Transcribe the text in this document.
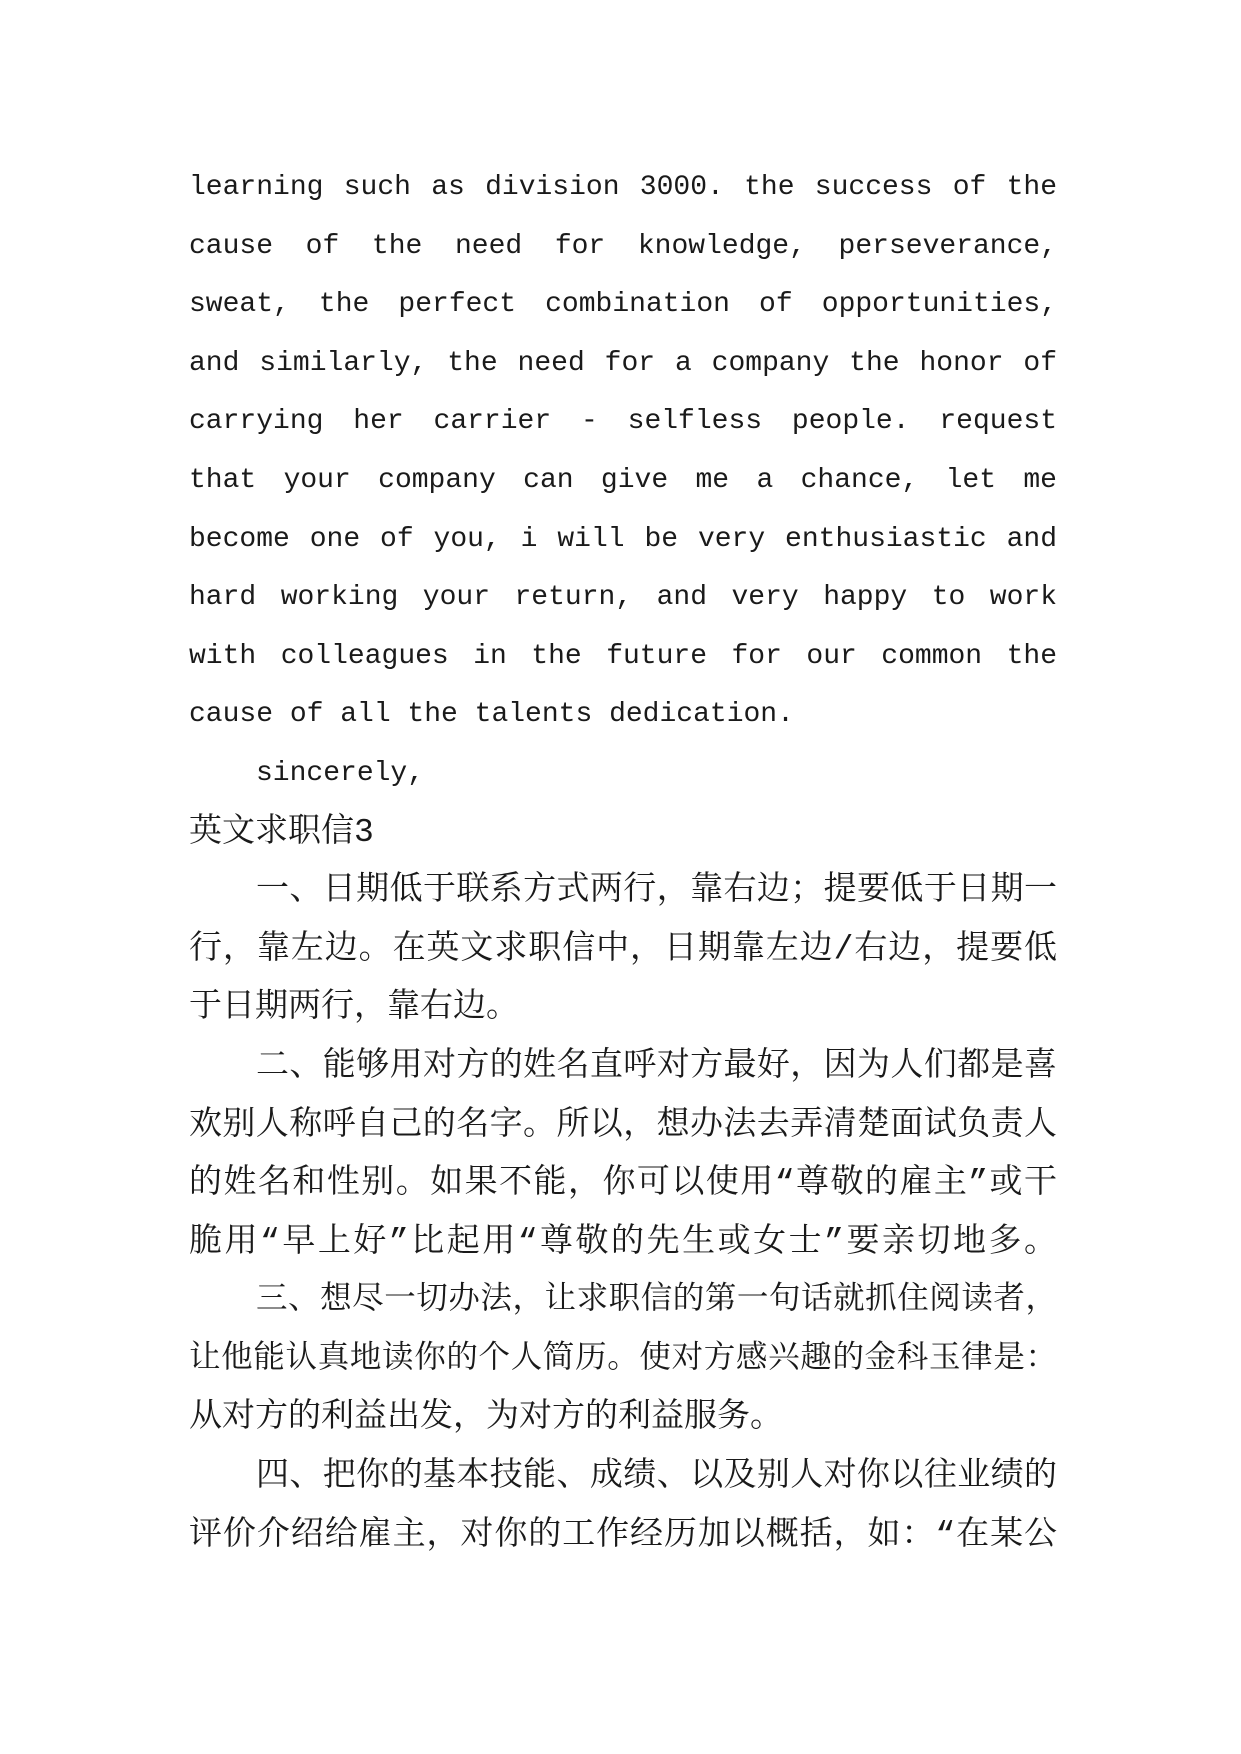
learning such as division 3000. the success of the
cause of the need for knowledge, perseverance,
sweat, the perfect combination of opportunities,
and similarly, the need for a company the honor of
carrying her carrier - selfless people. request
that your company can give me a chance, let me
become one of you, i will be very enthusiastic and
hard working your return, and very happy to work
with colleagues in the future for our common the
cause of all the talents dedication.
sincerely,
英文求职信3
一、日期低于联系方式两行，靠右边；提要低于日期一
行，靠左边。在英文求职信中，日期靠左边/右边，提要低
于日期两行，靠右边。
二、能够用对方的姓名直呼对方最好，因为人们都是喜
欢别人称呼自己的名字。所以，想办法去弄清楚面试负责人
的姓名和性别。如果不能，你可以使用“尊敬的雇主”或干
脆用“早上好”比起用“尊敬的先生或女士”要亲切地多。
三、想尽一切办法，让求职信的第一句话就抓住阅读者，
让他能认真地读你的个人简历。使对方感兴趣的金科玉律是：
从对方的利益出发，为对方的利益服务。
四、把你的基本技能、成绩、以及别人对你以往业绩的
评价介绍给雇主，对你的工作经历加以概括，如：“在某公
